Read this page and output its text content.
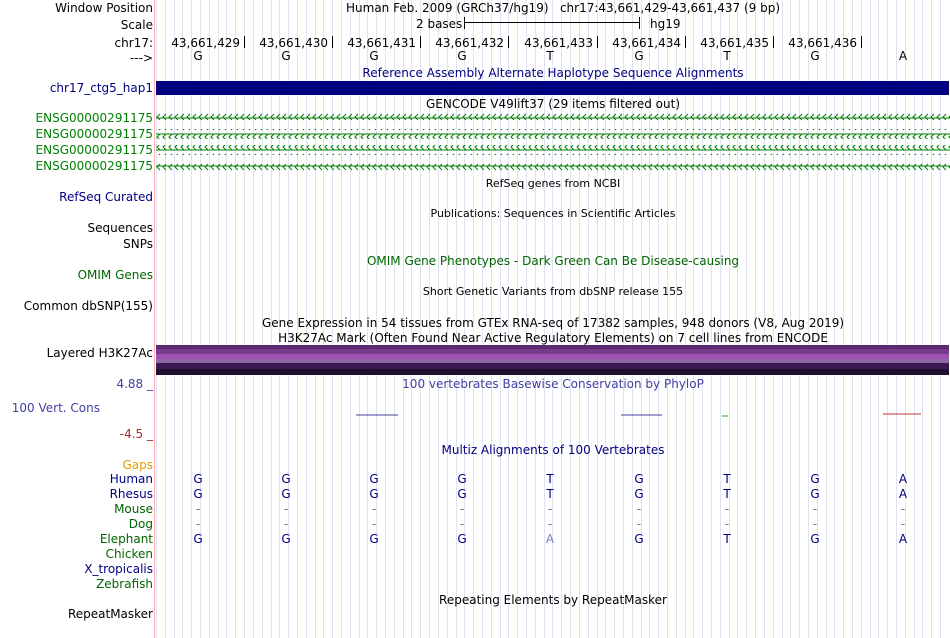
Window Position	Human Feb. 2009 (GRCh37/hg19)   chr17:43,661,429-43,661,437 (9 bp)
Scale	2 bases	hg19
chr17: 43,661,429 43,661,430 43,661,431 43,661,432 43,661,433 43,661,434 43,661,435 43,661,436
--->	G	G	G	G	T	G	T	G	A
Reference Assembly Alternate Haplotype Sequence Alignments
chr17_ctg5_hap1
GENCODE V49lift37 (29 items filtered out)
ENSG00000291175
ENSG00000291175
ENSG00000291175
ENSG00000291175
RefSeq genes from NCBI
RefSeq Curated
Publications: Sequences in Scientific Articles
Sequences
SNPs
OMIM Gene Phenotypes - Dark Green Can Be Disease-causing
OMIM Genes
Short Genetic Variants from dbSNP release 155
Common dbSNP(155)
Gene Expression in 54 tissues from GTEx RNA-seq of 17382 samples, 948 donors (V8, Aug 2019)
H3K27Ac Mark (Often Found Near Active Regulatory Elements) on 7 cell lines from ENCODE
Layered H3K27Ac
100 vertebrates Basewise Conservation by PhyloP
4.88 _
100 Vert. Cons
-4.5 _
Multiz Alignments of 100 Vertebrates
Gaps
Human	G	G	G	G	T	G	T	G	A
Rhesus	G	G	G	G	T	G	T	G	A
Mouse	-	-	-	-	-	-	-	-	-
Dog	-	-	-	-	-	-	-	-	-
Elephant	G	G	G	G	A	G	T	G	A
Chicken
X_tropicalis
Zebrafish
Repeating Elements by RepeatMasker
RepeatMasker
